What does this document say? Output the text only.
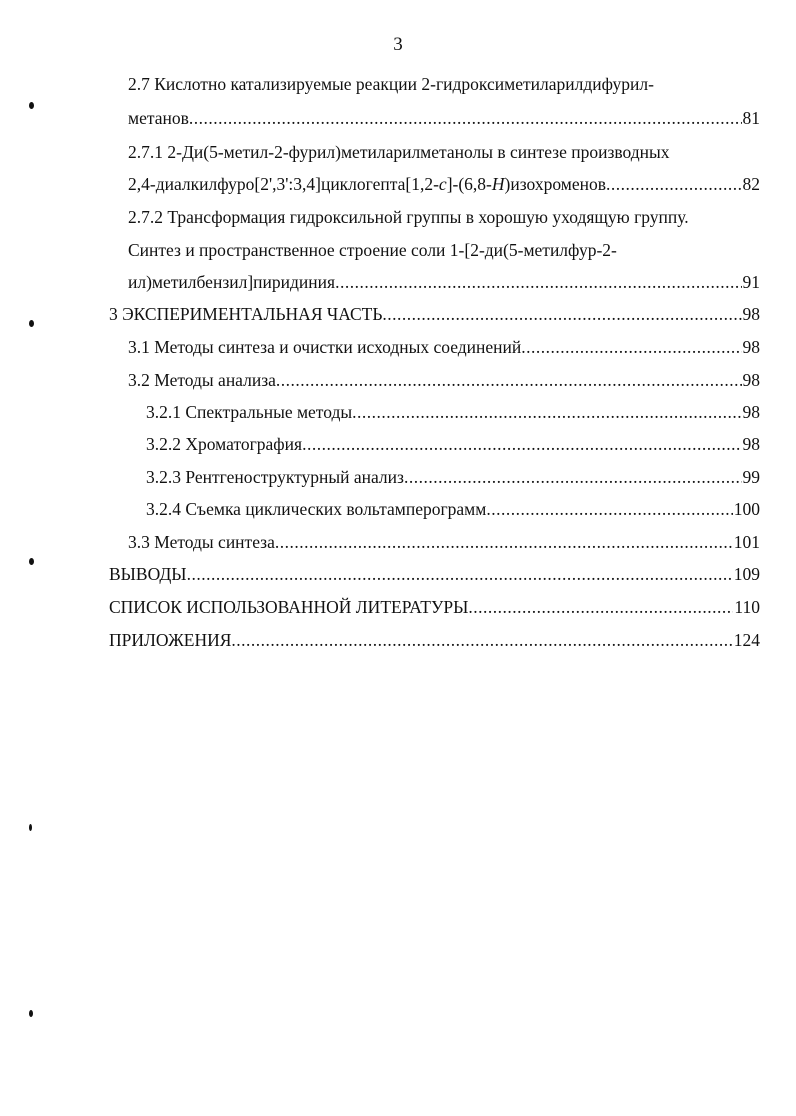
3
2.7 Кислотно катализируемые реакции 2-гидроксиметиларилдифурил-
метанов .....	81
2.7.1 2-Ди(5-метил-2-фурил)метиларилметанолы в синтезе производных
2,4-диалкилфуро[2',3':3,4]циклогепта[1,2-c]-(6,8-H)изохроменов .....	82
2.7.2 Трансформация гидроксильной группы в хорошую уходящую группу.
Синтез и пространственное строение соли 1-[2-ди(5-метилфур-2-
ил)метилбензил]пиридиния .....	91
3 ЭКСПЕРИМЕНТАЛЬНАЯ ЧАСТЬ .....	98
3.1 Методы синтеза и очистки исходных соединений .....	98
3.2 Методы анализа .....	98
3.2.1 Спектральные методы .....	98
3.2.2 Хроматография .....	98
3.2.3 Рентгеноструктурный анализ .....	99
3.2.4 Съемка циклических вольтамперограмм .....	100
3.3 Методы синтеза .....	101
ВЫВОДЫ .....	109
СПИСОК ИСПОЛЬЗОВАННОЙ ЛИТЕРАТУРЫ .....	110
ПРИЛОЖЕНИЯ .....	124
